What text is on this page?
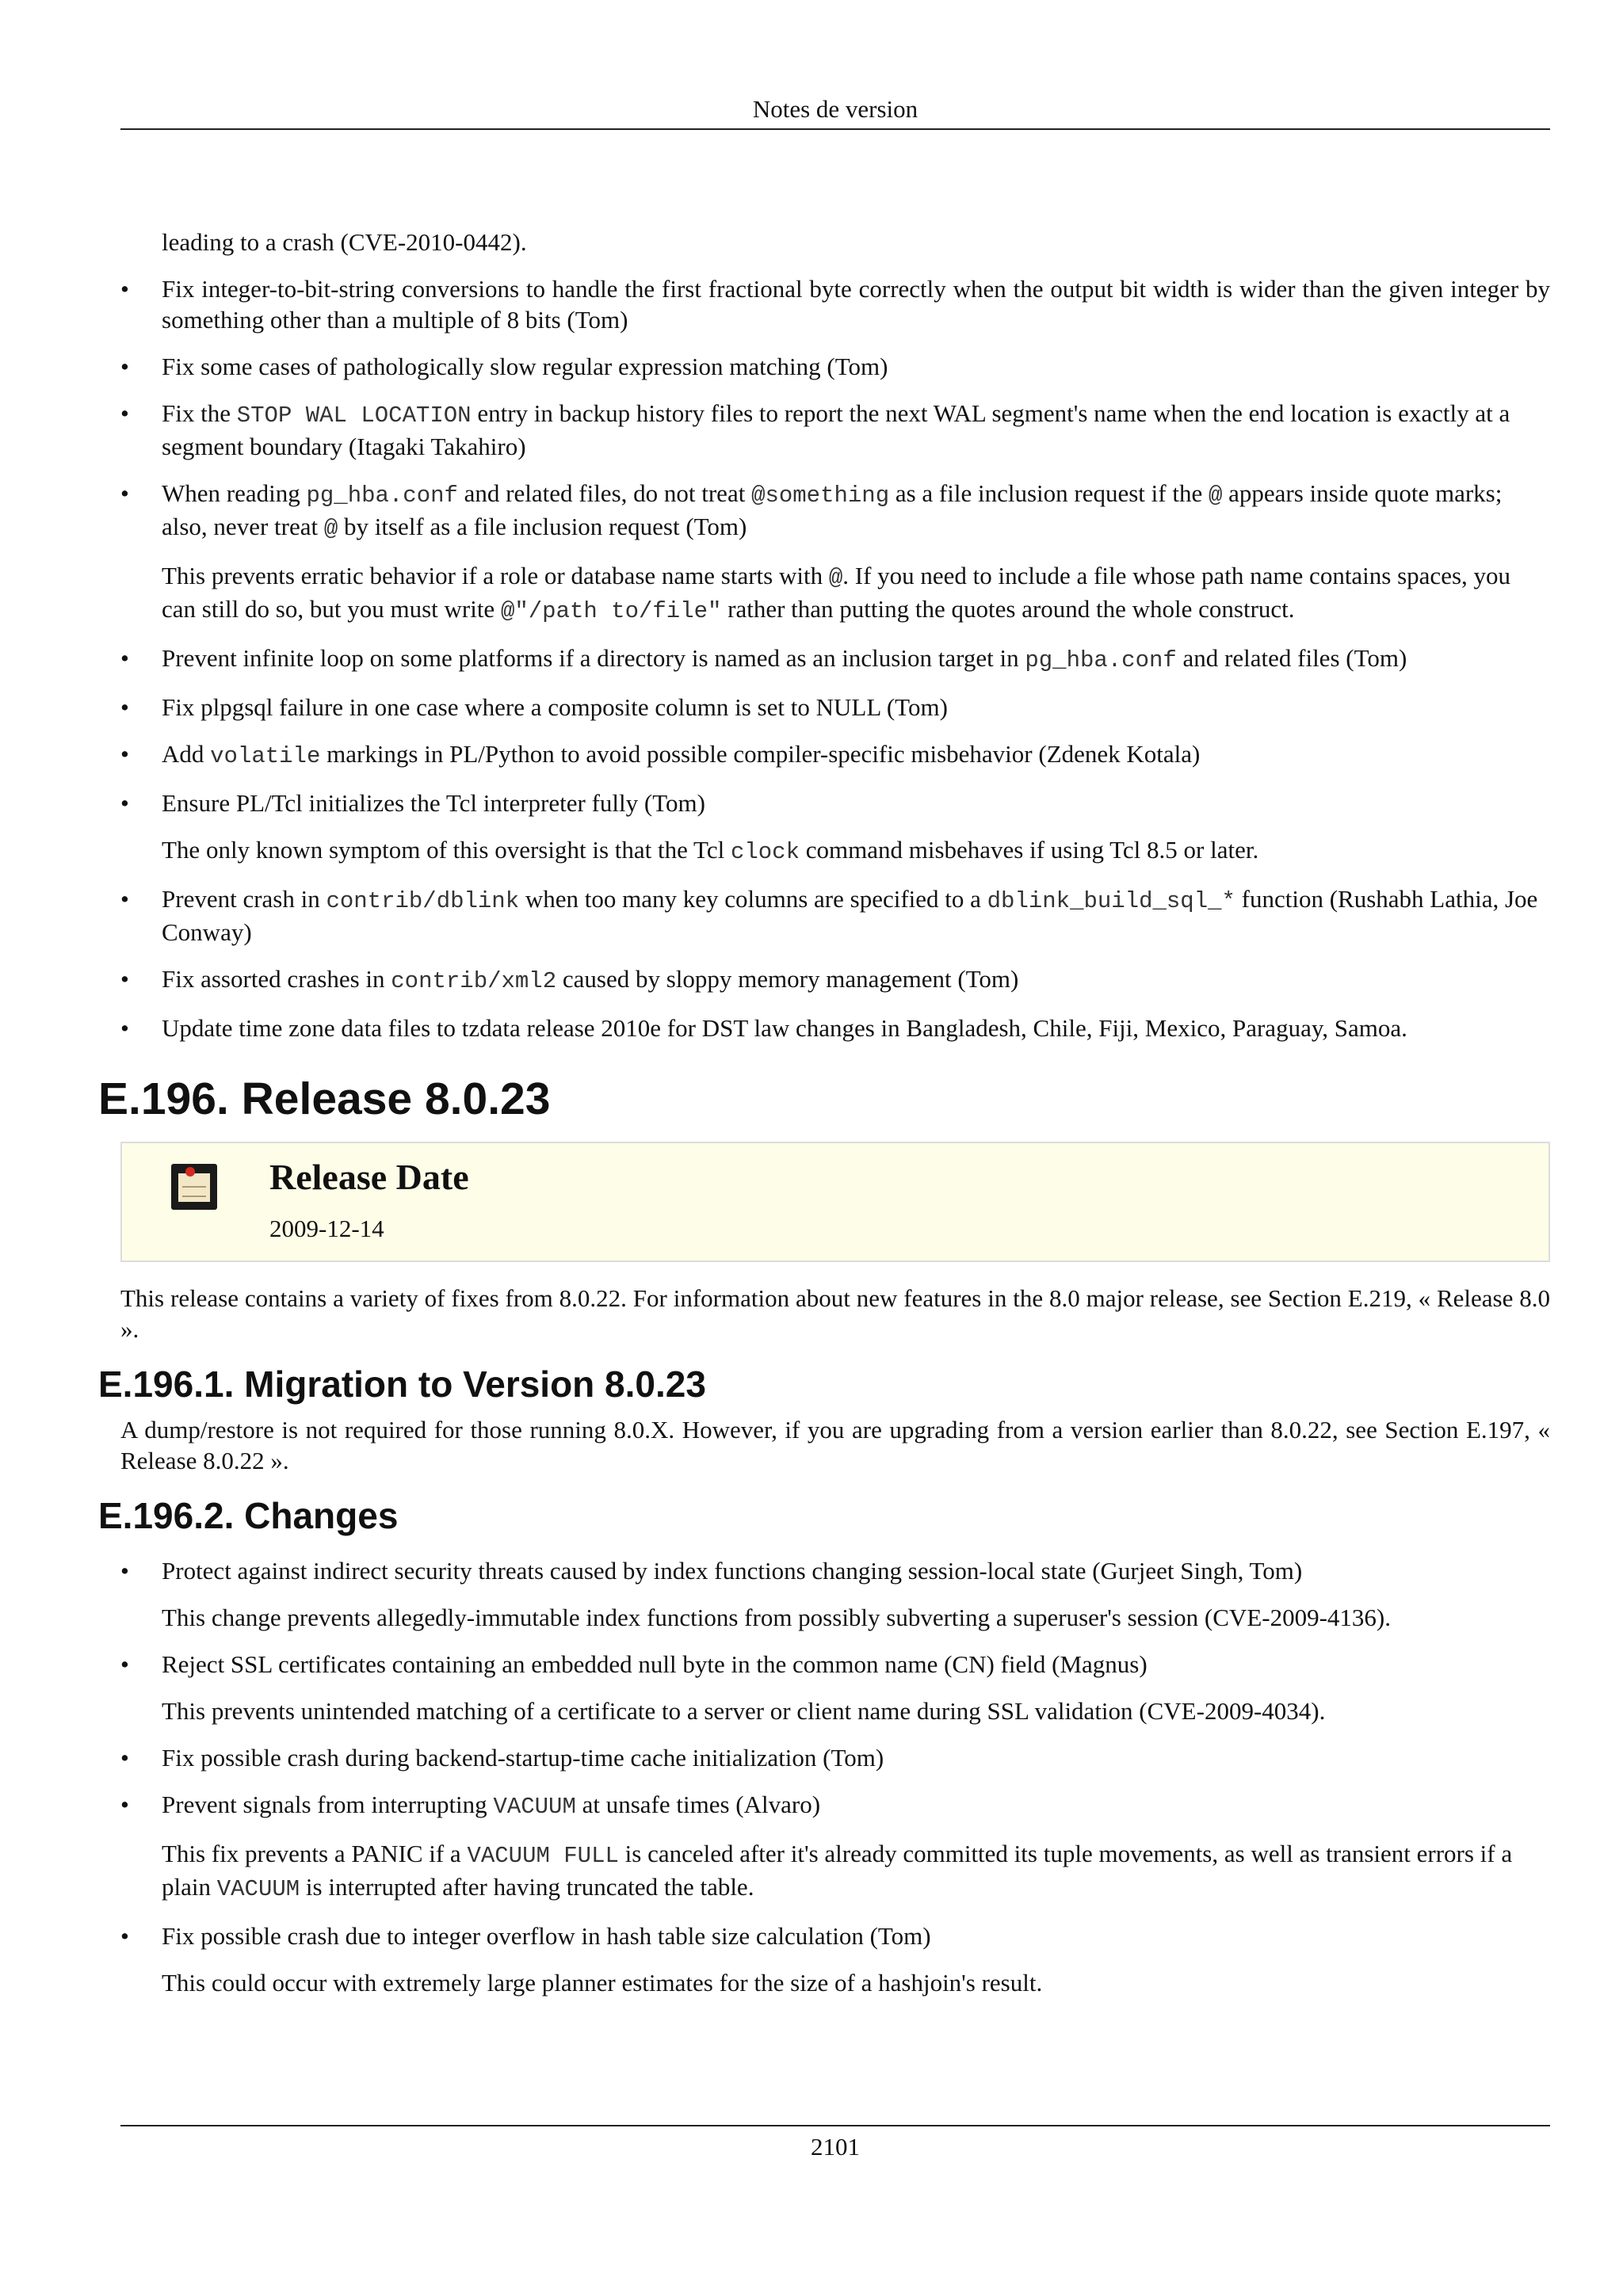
Notes de version

leading to a crash (CVE-2010-0442).

• Fix integer-to-bit-string conversions to handle the first fractional byte correctly when the output bit width is wider than the given integer by something other than a multiple of 8 bits (Tom)

• Fix some cases of pathologically slow regular expression matching (Tom)

• Fix the STOP WAL LOCATION entry in backup history files to report the next WAL segment's name when the end location is exactly at a segment boundary (Itagaki Takahiro)

• When reading pg_hba.conf and related files, do not treat @something as a file inclusion request if the @ appears inside quote marks; also, never treat @ by itself as a file inclusion request (Tom)

This prevents erratic behavior if a role or database name starts with @. If you need to include a file whose path name contains spaces, you can still do so, but you must write @"/path to/file" rather than putting the quotes around the whole construct.

• Prevent infinite loop on some platforms if a directory is named as an inclusion target in pg_hba.conf and related files (Tom)

• Fix plpgsql failure in one case where a composite column is set to NULL (Tom)

• Add volatile markings in PL/Python to avoid possible compiler-specific misbehavior (Zdenek Kotala)

• Ensure PL/Tcl initializes the Tcl interpreter fully (Tom)

The only known symptom of this oversight is that the Tcl clock command misbehaves if using Tcl 8.5 or later.

• Prevent crash in contrib/dblink when too many key columns are specified to a dblink_build_sql_* function (Rushabh Lathia, Joe Conway)

• Fix assorted crashes in contrib/xml2 caused by sloppy memory management (Tom)

• Update time zone data files to tzdata release 2010e for DST law changes in Bangladesh, Chile, Fiji, Mexico, Paraguay, Samoa.

E.196. Release 8.0.23
Release Date
2009-12-14

This release contains a variety of fixes from 8.0.22. For information about new features in the 8.0 major release, see Section E.219, « Release 8.0 ».

E.196.1. Migration to Version 8.0.23

A dump/restore is not required for those running 8.0.X. However, if you are upgrading from a version earlier than 8.0.22, see Section E.197, « Release 8.0.22 ».

E.196.2. Changes

• Protect against indirect security threats caused by index functions changing session-local state (Gurjeet Singh, Tom)

This change prevents allegedly-immutable index functions from possibly subverting a superuser's session (CVE-2009-4136).

• Reject SSL certificates containing an embedded null byte in the common name (CN) field (Magnus)

This prevents unintended matching of a certificate to a server or client name during SSL validation (CVE-2009-4034).

• Fix possible crash during backend-startup-time cache initialization (Tom)

• Prevent signals from interrupting VACUUM at unsafe times (Alvaro)

This fix prevents a PANIC if a VACUUM FULL is canceled after it's already committed its tuple movements, as well as transient errors if a plain VACUUM is interrupted after having truncated the table.

• Fix possible crash due to integer overflow in hash table size calculation (Tom)

This could occur with extremely large planner estimates for the size of a hashjoin's result.

2101
